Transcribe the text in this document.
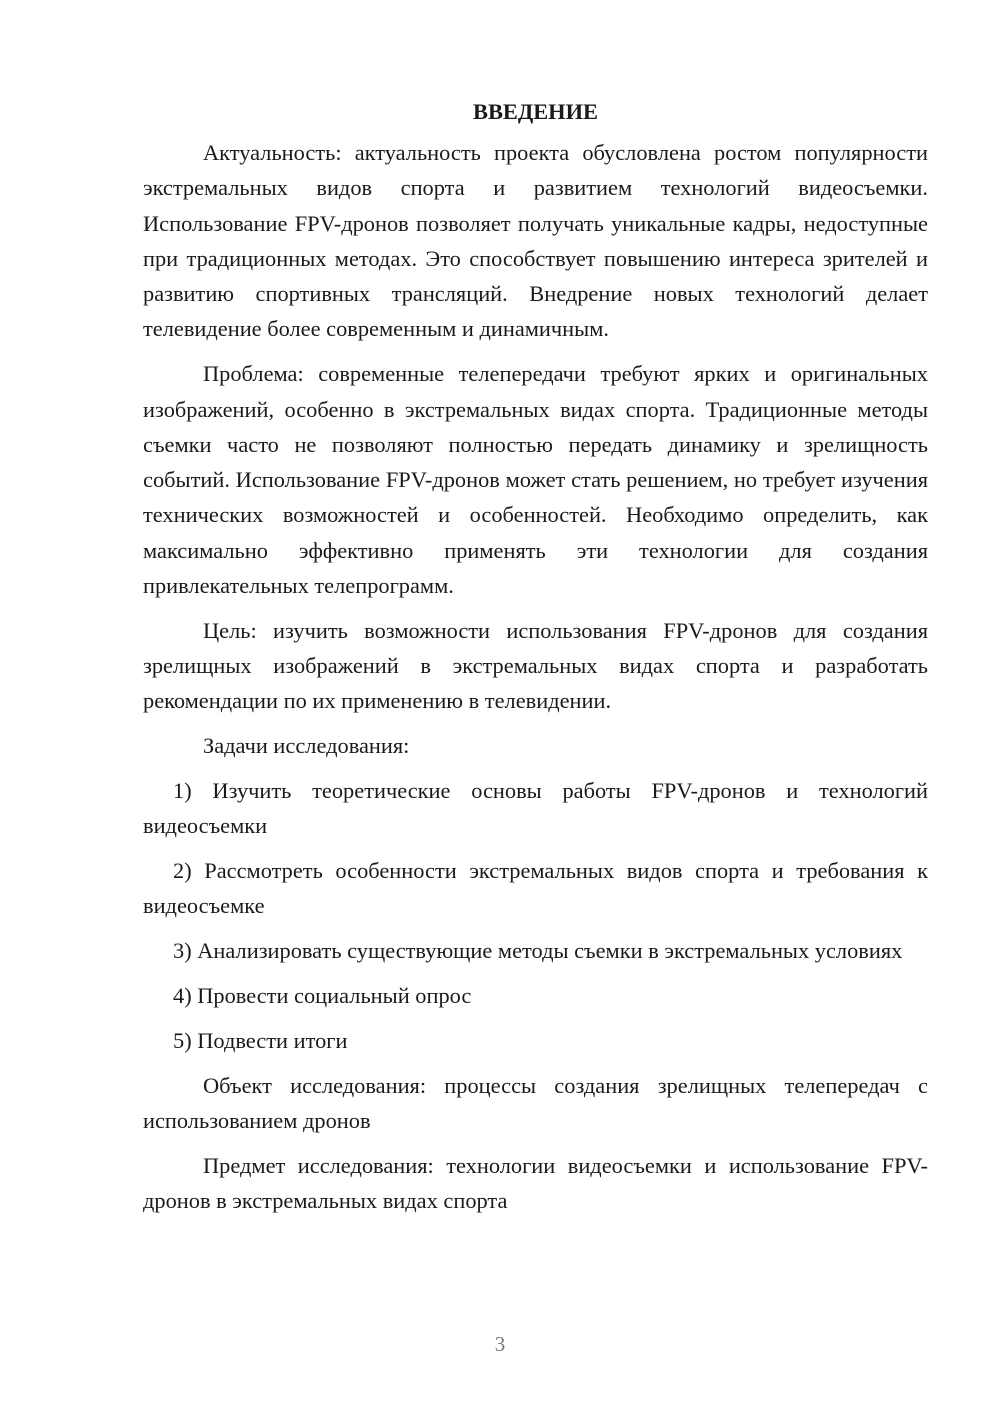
ВВЕДЕНИЕ

Актуальность: актуальность проекта обусловлена ростом популярности экстремальных видов спорта и развитием технологий видеосъемки. Использование FPV-дронов позволяет получать уникальные кадры, недоступные при традиционных методах. Это способствует повышению интереса зрителей и развитию спортивных трансляций. Внедрение новых технологий делает телевидение более современным и динамичным.

Проблема: современные телепередачи требуют ярких и оригинальных изображений, особенно в экстремальных видах спорта. Традиционные методы съемки часто не позволяют полностью передать динамику и зрелищность событий. Использование FPV-дронов может стать решением, но требует изучения технических возможностей и особенностей. Необходимо определить, как максимально эффективно применять эти технологии для создания привлекательных телепрограмм.

Цель: изучить возможности использования FPV-дронов для создания зрелищных изображений в экстремальных видах спорта и разработать рекомендации по их применению в телевидении.

Задачи исследования:

1) Изучить теоретические основы работы FPV-дронов и технологий видеосъемки

2) Рассмотреть особенности экстремальных видов спорта и требования к видеосъемке

3) Анализировать существующие методы съемки в экстремальных условиях

4) Провести социальный опрос

5) Подвести итоги

Объект исследования: процессы создания зрелищных телепередач с использованием дронов

Предмет исследования: технологии видеосъемки и использование FPV-дронов в экстремальных видах спорта

3
